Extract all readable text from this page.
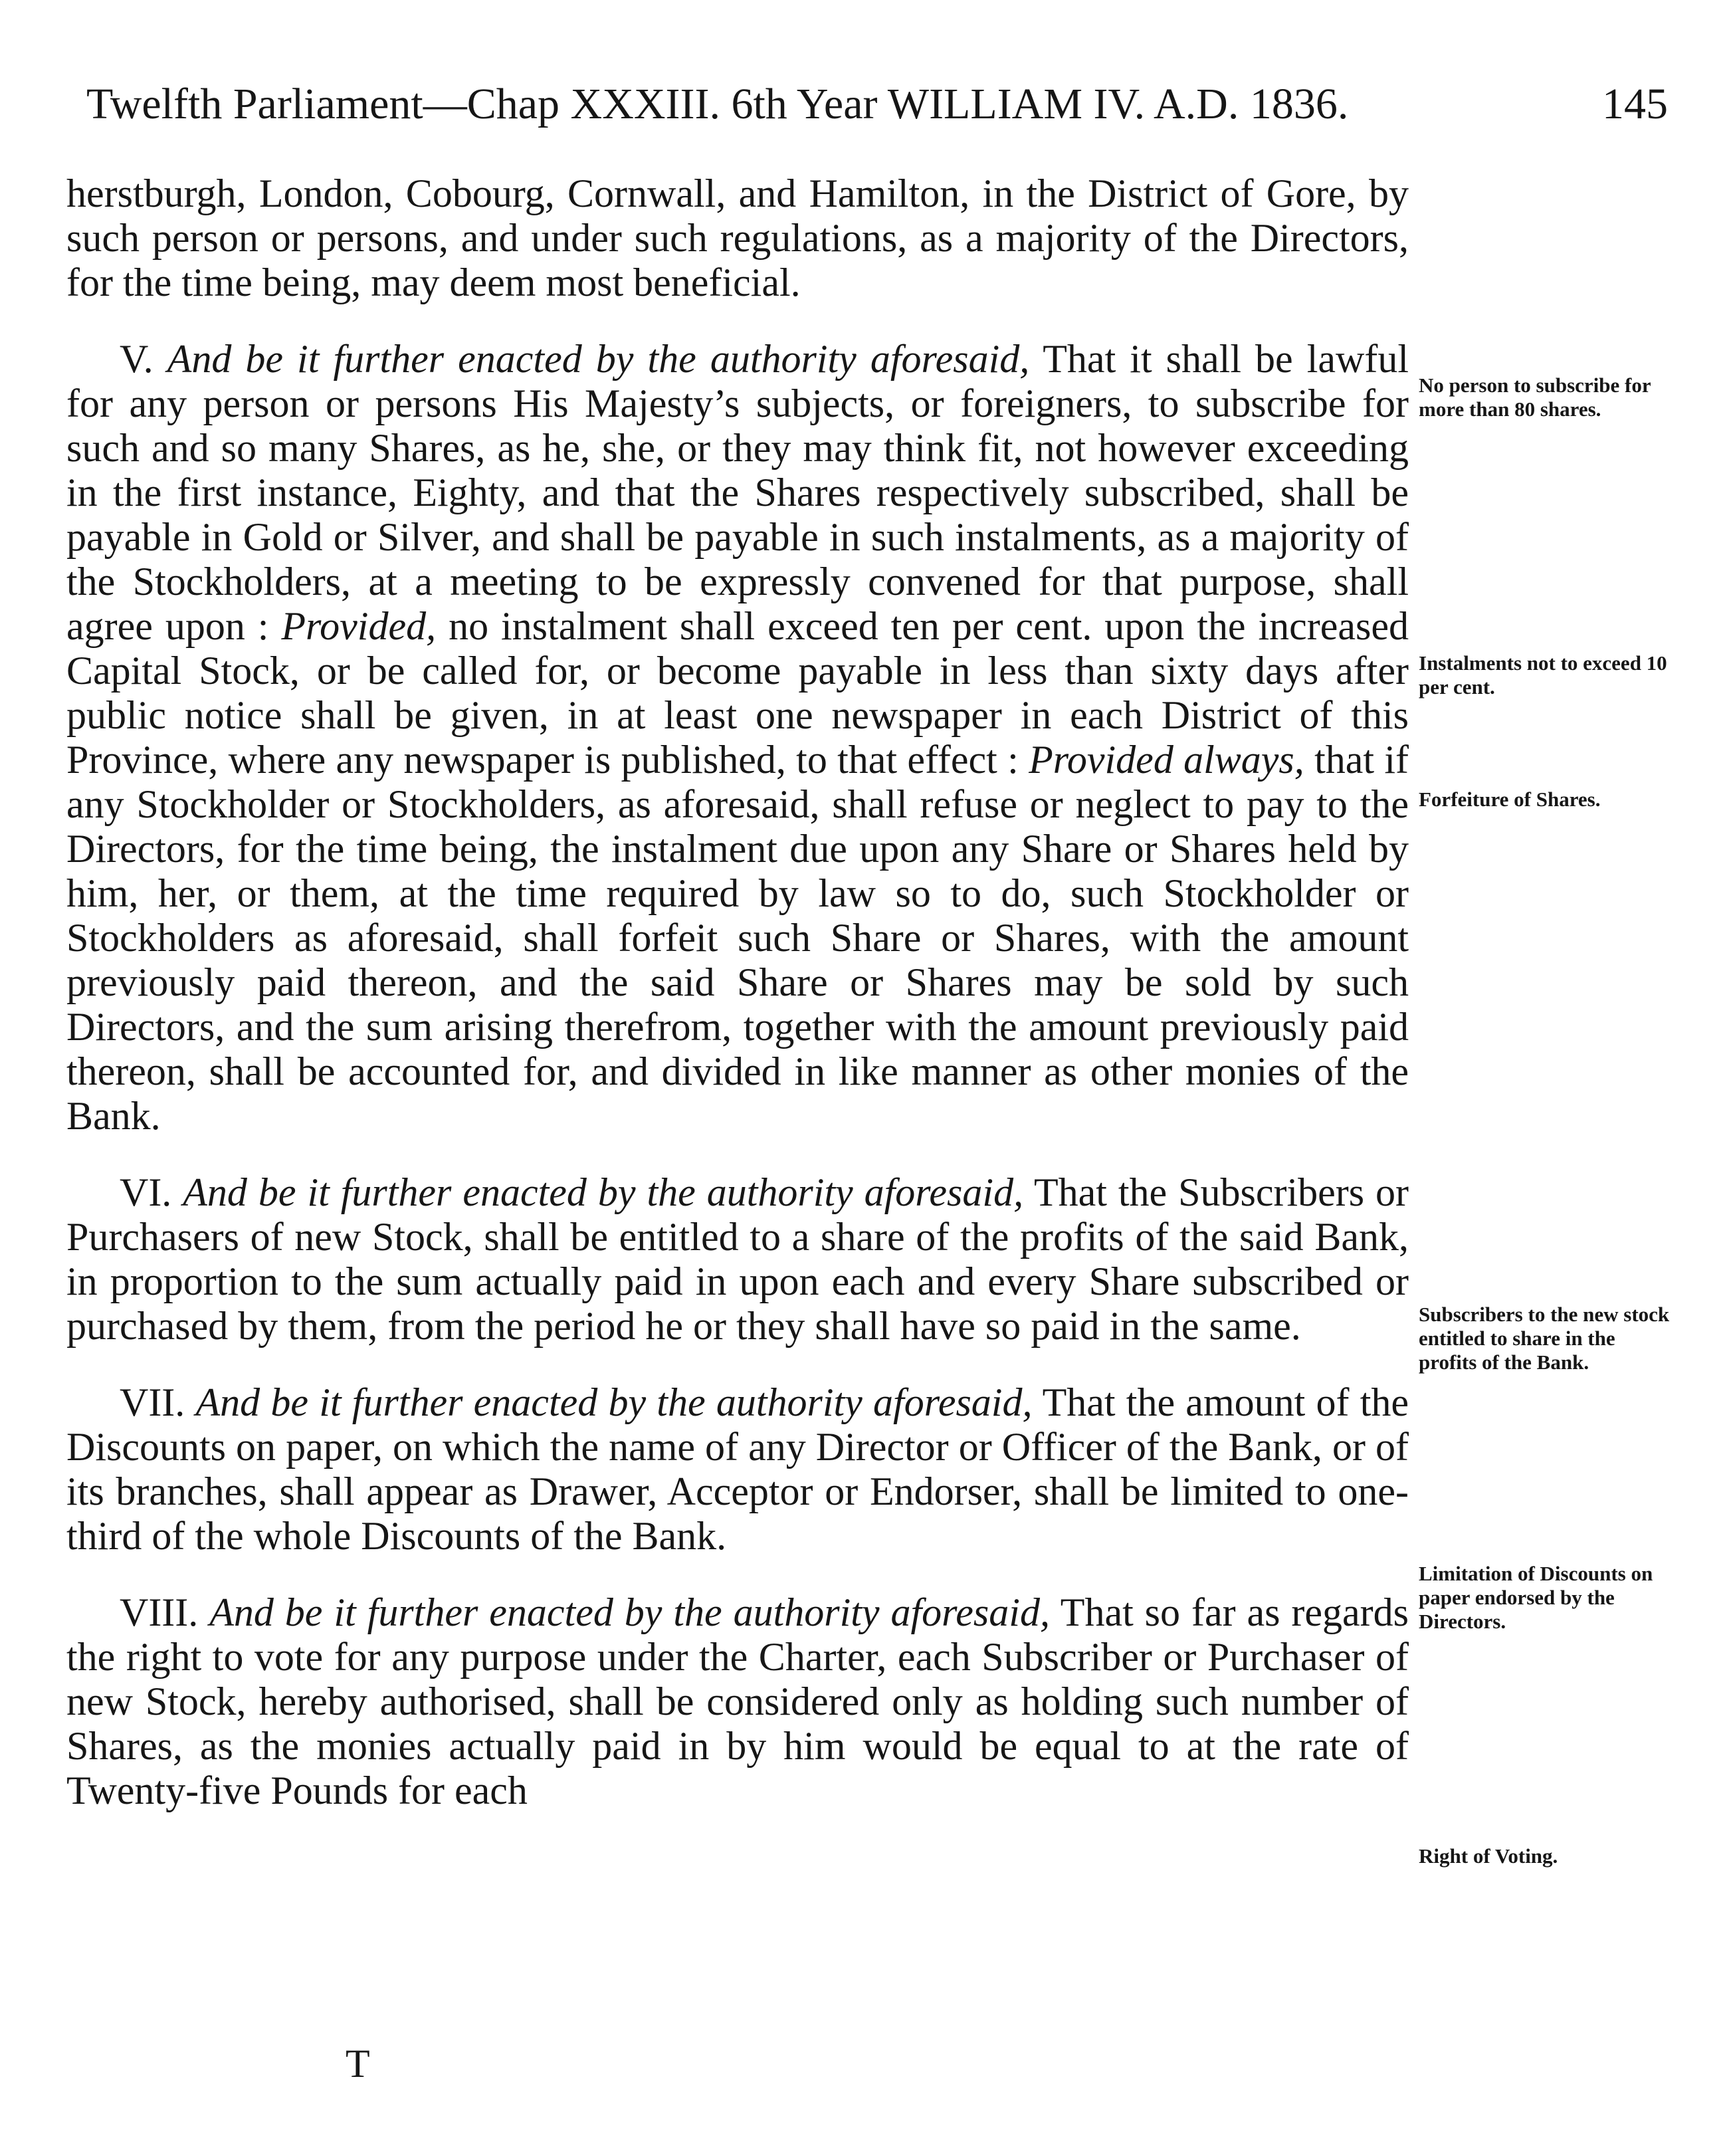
Twelfth Parliament—Chap XXXIII. 6th Year WILLIAM IV. A.D. 1836.	145

herstburgh, London, Cobourg, Cornwall, and Hamilton, in the District of Gore, by such person or persons, and under such regulations, as a majority of the Directors, for the time being, may deem most beneficial.

V. And be it further enacted by the authority aforesaid, That it shall be lawful for any person or persons His Majesty’s subjects, or foreigners, to subscribe for such and so many Shares, as he, she, or they may think fit, not however exceeding in the first instance, Eighty, and that the Shares respectively subscribed, shall be payable in Gold or Silver, and shall be payable in such instalments, as a majority of the Stockholders, at a meeting to be expressly convened for that purpose, shall agree upon : Provided, no instalment shall exceed ten per cent. upon the increased Capital Stock, or be called for, or become payable in less than sixty days after public notice shall be given, in at least one newspaper in each District of this Province, where any newspaper is published, to that effect : Provided always, that if any Stockholder or Stockholders, as aforesaid, shall refuse or neglect to pay to the Directors, for the time being, the instalment due upon any Share or Shares held by him, her, or them, at the time required by law so to do, such Stockholder or Stockholders as aforesaid, shall forfeit such Share or Shares, with the amount previously paid thereon, and the said Share or Shares may be sold by such Directors, and the sum arising therefrom, together with the amount previously paid thereon, shall be accounted for, and divided in like manner as other monies of the Bank.

VI. And be it further enacted by the authority aforesaid, That the Subscribers or Purchasers of new Stock, shall be entitled to a share of the profits of the said Bank, in proportion to the sum actually paid in upon each and every Share subscribed or purchased by them, from the period he or they shall have so paid in the same.

VII. And be it further enacted by the authority aforesaid, That the amount of the Discounts on paper, on which the name of any Director or Officer of the Bank, or of its branches, shall appear as Drawer, Acceptor or Endorser, shall be limited to one-third of the whole Discounts of the Bank.

VIII. And be it further enacted by the authority aforesaid, That so far as regards the right to vote for any purpose under the Charter, each Subscriber or Purchaser of new Stock, hereby authorised, shall be considered only as holding such number of Shares, as the monies actually paid in by him would be equal to at the rate of Twenty-five Pounds for each

No person to subscribe for more than 80 shares.
Instalments not to exceed 10 per cent.
Forfeiture of Shares.
Subscribers to the new stock entitled to share in the profits of the Bank.
Limitation of Discounts on paper endorsed by the Directors.
Right of Voting.
T
